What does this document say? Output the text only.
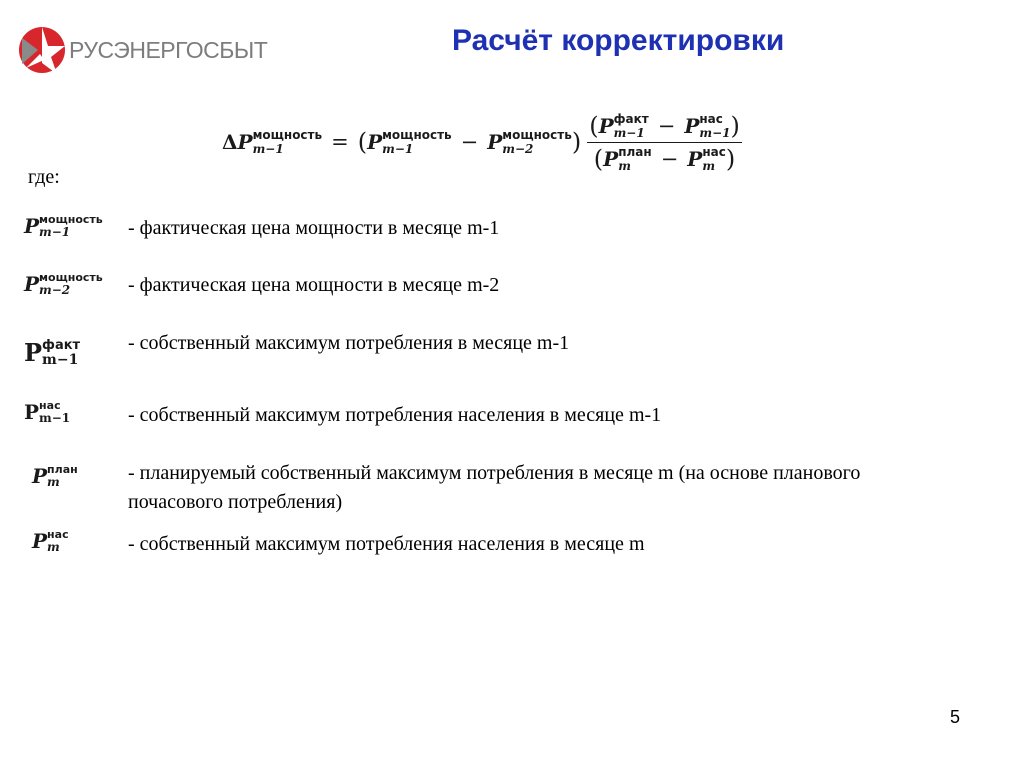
РУСЭНЕРГОСБЫТ	Расчёт корректировки
ΔP мощность
m−1	= ( P мощность
m−1	− P мощность
m−2	) ( P факт
m−1 − P нас
m−1 )
( P план
m	− P нас
m )
где:
P мощность
m−1	- фактическая цена мощности в месяце m-1
P мощность
m−2	- фактическая цена мощности в месяце m-2
P факт
m−1
- собственный максимум потребления в месяце m-1
P нас
m−1	- собственный максимум потребления населения в месяце m-1
P план
m	- планируемый собственный максимум потребления в месяце m (на основе планового почасового потребления)
P нас
m	- собственный максимум потребления населения в месяце m
5
